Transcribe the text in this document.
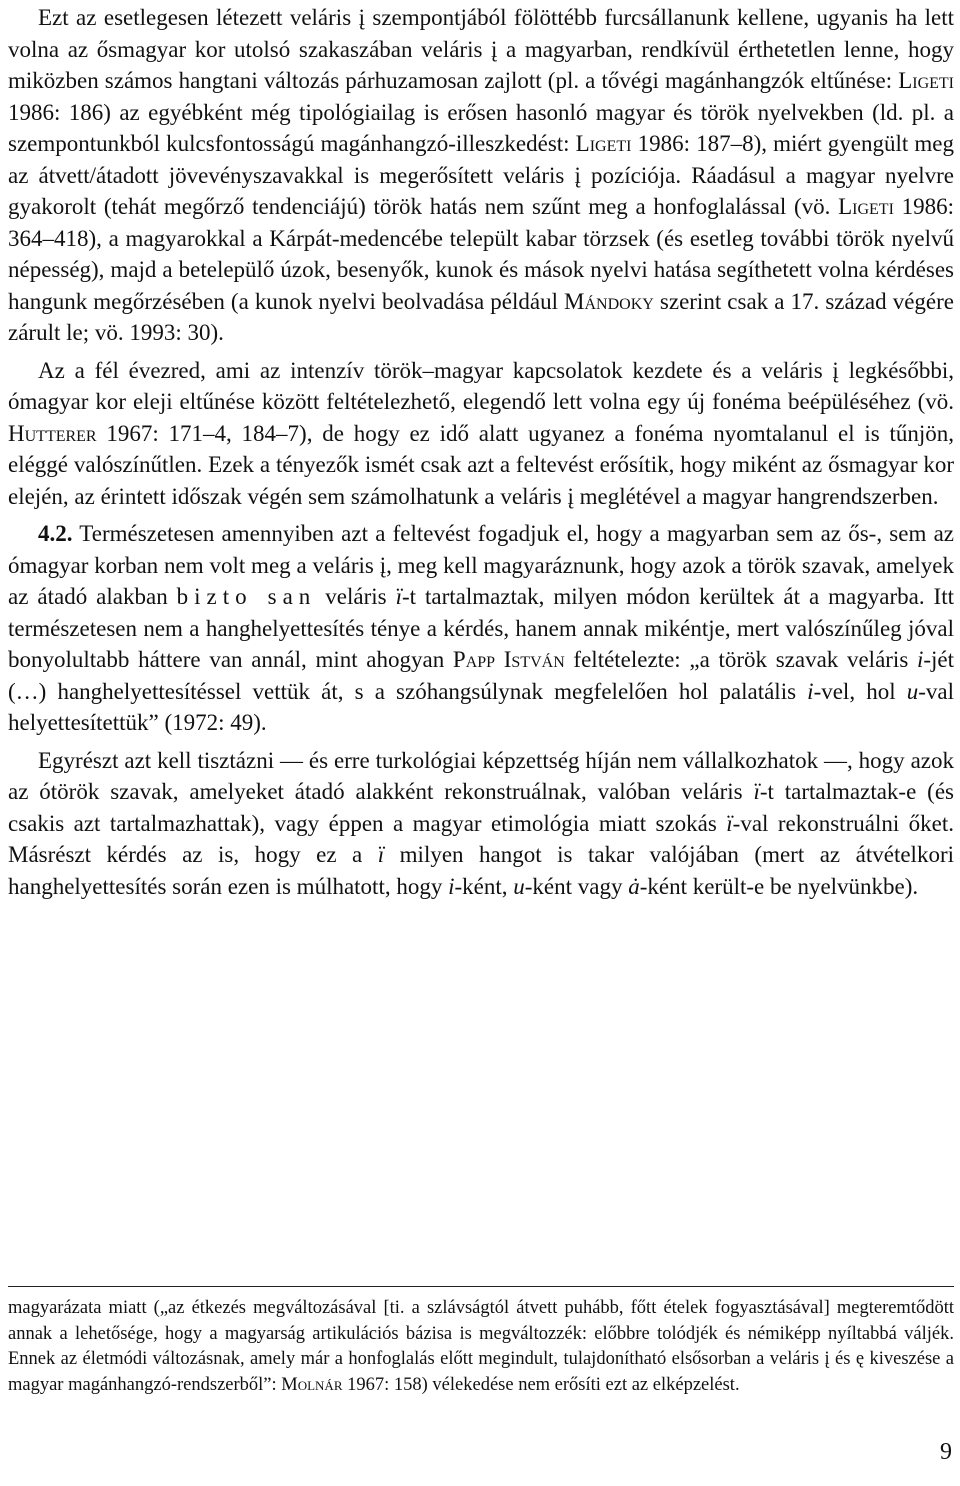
Ezt az esetlegesen létezett veláris į szempontjából fölöttébb furcsállanunk kellene, ugyanis ha lett volna az ősmagyar kor utolsó szakaszában veláris į a magyarban, rendkívül érthetetlen lenne, hogy miközben számos hangtani változás párhuzamosan zajlott (pl. a tővégi magánhangzók eltűnése: Ligeti 1986: 186) az egyébként még tipológiailag is erősen hasonló magyar és török nyelvekben (ld. pl. a szempontunkból kulcsfontosságú magánhangzó-illeszkedést: Ligeti 1986: 187–8), miért gyengült meg az átvett/átadott jövevényszavakkal is megerősített veláris į pozíciója. Ráadásul a magyar nyelvre gyakorolt (tehát megőrző tendenciájú) török hatás nem szűnt meg a honfoglalással (vö. Ligeti 1986: 364–418), a magyarokkal a Kárpát-medencébe települt kabar törzsek (és esetleg további török nyelvű népesség), majd a betelepülő úzok, besenyők, kunok és mások nyelvi hatása segíthetett volna kérdéses hangunk megőrzésében (a kunok nyelvi beolvadása például Mándoky szerint csak a 17. század végére zárult le; vö. 1993: 30).

Az a fél évezred, ami az intenzív török–magyar kapcsolatok kezdete és a veláris į legkésőbbi, ómagyar kor eleji eltűnése között feltételezhető, elegendő lett volna egy új fonéma beépüléséhez (vö. Hutterer 1967: 171–4, 184–7), de hogy ez idő alatt ugyanez a fonéma nyomtalanul el is tűnjön, eléggé valószínűtlen. Ezek a tényezők ismét csak azt a feltevést erősítik, hogy miként az ősmagyar kor elején, az érintett időszak végén sem számolhatunk a veláris į meglétével a magyar hangrendszerben.

4.2. Természetesen amennyiben azt a feltevést fogadjuk el, hogy a magyarban sem az ős-, sem az ómagyar korban nem volt meg a veláris į, meg kell magyaráznunk, hogy azok a török szavak, amelyek az átadó alakban bizto san veláris ï-t tartalmaztak, milyen módon kerültek át a magyarba. Itt természetesen nem a hanghelyettesítés ténye a kérdés, hanem annak mikéntje, mert valószínűleg jóval bonyolultabb háttere van annál, mint ahogyan Papp István feltételezte: „a török szavak veláris i-jét (…) hanghelyettesítéssel vettük át, s a szóhangsúlynak megfelelően hol palatális i-vel, hol u-val helyettesítettük” (1972: 49).

Egyrészt azt kell tisztázni — és erre turkológiai képzettség híján nem vállalkozhatok —, hogy azok az ótörök szavak, amelyeket átadó alakként rekonstruálnak, valóban veláris ï-t tartalmaztak-e (és csakis azt tartalmazhattak), vagy éppen a magyar etimológia miatt szokás ï-val rekonstruálni őket. Másrészt kérdés az is, hogy ez a ï milyen hangot is takar valójában (mert az átvételkori hanghelyettesítés során ezen is múlhatott, hogy i-ként, u-ként vagy ȧ-ként került-e be nyelvünkbe).

magyarázata miatt („az étkezés megváltozásával [ti. a szlávságtól átvett puhább, főtt ételek fogyasztásával] megteremtődött annak a lehetősége, hogy a magyarság artikulációs bázisa is megváltozzék: előbbre tolódjék és némiképp nyíltabbá váljék. Ennek az életmódi változásnak, amely már a honfoglalás előtt megindult, tulajdonítható elsősorban a veláris į és ę kiveszése a magyar magánhangzó-rendszerből”: Molnár 1967: 158) vélekedése nem erősíti ezt az elképzelést.

9
